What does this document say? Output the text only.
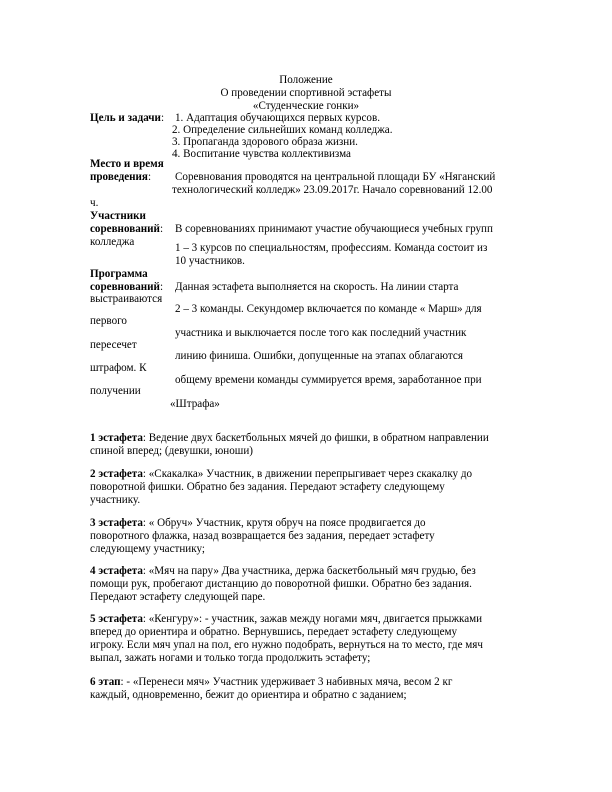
Положение
О проведении спортивной эстафеты
«Студенческие гонки»
Цель и задачи: 1. Адаптация обучающихся первых курсов.
2. Определение сильнейших команд колледжа.
3. Пропаганда здорового образа жизни.
4. Воспитание чувства коллективизма
Место и время
проведения: Соревнования проводятся на центральной площади БУ «Няганский
технологический колледж» 23.09.2017г. Начало соревнований 12.00
ч.
Участники
соревнований: В соревнованиях принимают участие обучающиеся учебных групп
колледжа	1 – 3 курсов по специальностям, профессиям. Команда состоит из
10 участников.
Программа
соревнований: Данная эстафета выполняется на скорость. На линии старта
выстраиваются
2 – 3 команды. Секундомер включается по команде « Марш» для
первого
участника и выключается после того как последний участник
пересечет
линию финиша. Ошибки, допущенные на этапах облагаются
штрафом. К
общему времени команды суммируется время, заработанное при
получении
«Штрафа»

1 эстафета: Ведение двух баскетбольных мячей до фишки, в обратном направлении

спиной вперед; (девушки, юноши)

2 эстафета: «Скакалка» Участник, в движении перепрыгивает через скакалку до

поворотной фишки. Обратно без задания. Передают эстафету следующему

участнику.

3 эстафета: « Обруч» Участник, крутя обруч на поясе продвигается до

поворотного флажка, назад возвращается без задания, передает эстафету

следующему участнику;

4 эстафета: «Мяч на пару» Два участника, держа баскетбольный мяч грудью, без

помощи рук, пробегают дистанцию до поворотной фишки. Обратно без задания.

Передают эстафету следующей паре.

5 эстафета: «Кенгуру»: - участник, зажав между ногами мяч, двигается прыжками

вперед до ориентира и обратно. Вернувшись, передает эстафету следующему

игроку. Если мяч упал на пол, его нужно подобрать, вернуться на то место, где мяч

выпал, зажать ногами и только тогда продолжить эстафету;

6 этап: - «Перенеси мяч» Участник удерживает 3 набивных мяча, весом 2 кг

каждый, одновременно, бежит до ориентира и обратно с заданием;
